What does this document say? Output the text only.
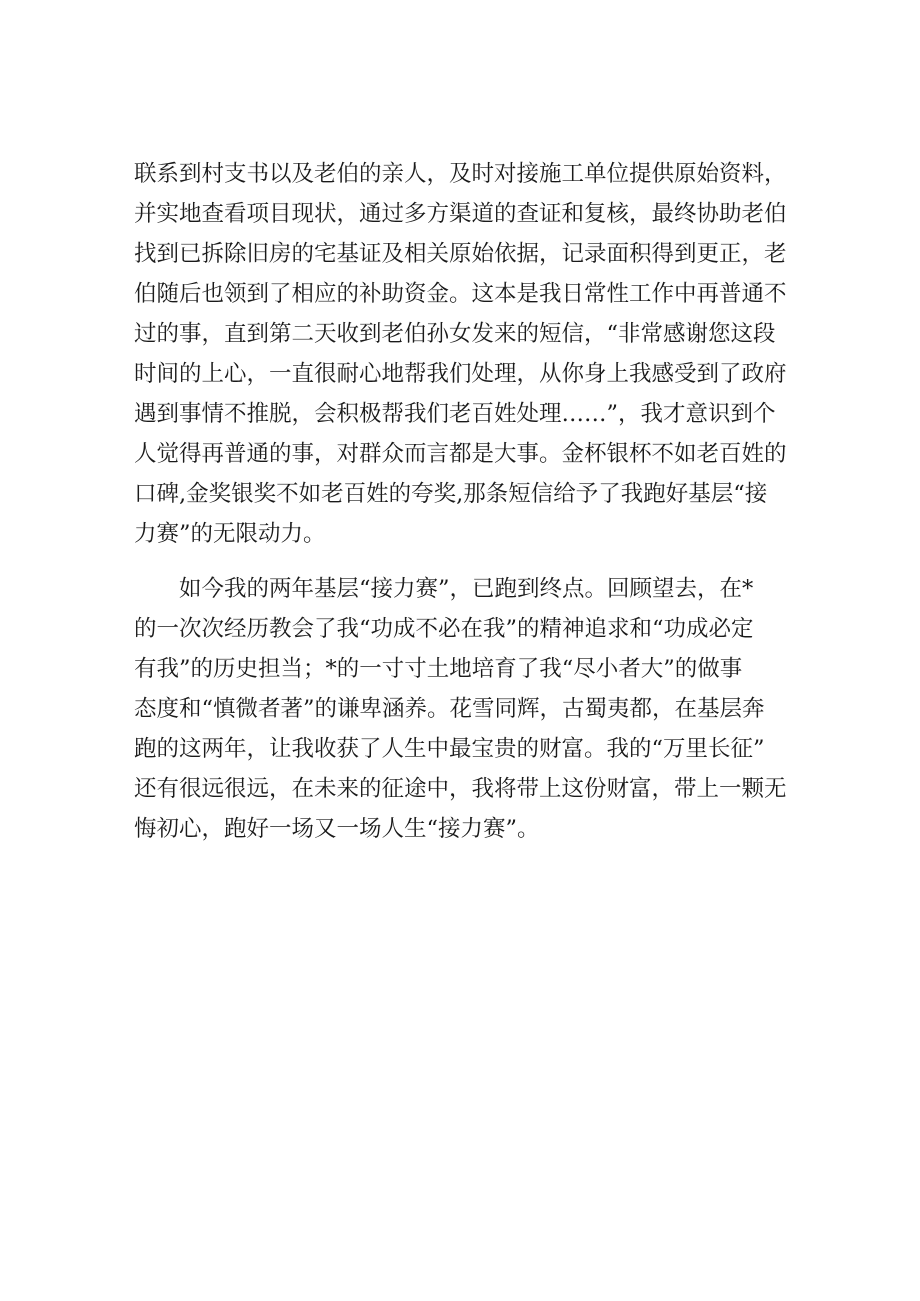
联系到村支书以及老伯的亲人，及时对接施工单位提供原始资料，
并实地查看项目现状，通过多方渠道的查证和复核，最终协助老伯
找到已拆除旧房的宅基证及相关原始依据，记录面积得到更正，老
伯随后也领到了相应的补助资金。这本是我日常性工作中再普通不
过的事，直到第二天收到老伯孙女发来的短信，“非常感谢您这段
时间的上心，一直很耐心地帮我们处理，从你身上我感受到了政府
遇到事情不推脱，会积极帮我们老百姓处理……”，我才意识到个
人觉得再普通的事，对群众而言都是大事。金杯银杯不如老百姓的
口碑,金奖银奖不如老百姓的夸奖,那条短信给予了我跑好基层“接
力赛”的无限动力。
　　如今我的两年基层“接力赛”，已跑到终点。回顾望去，在*
的一次次经历教会了我“功成不必在我”的精神追求和“功成必定
有我”的历史担当；*的一寸寸土地培育了我“尽小者大”的做事
态度和“慎微者著”的谦卑涵养。花雪同辉，古蜀夷都，在基层奔
跑的这两年，让我收获了人生中最宝贵的财富。我的“万里长征”
还有很远很远，在未来的征途中，我将带上这份财富，带上一颗无
悔初心，跑好一场又一场人生“接力赛”。
